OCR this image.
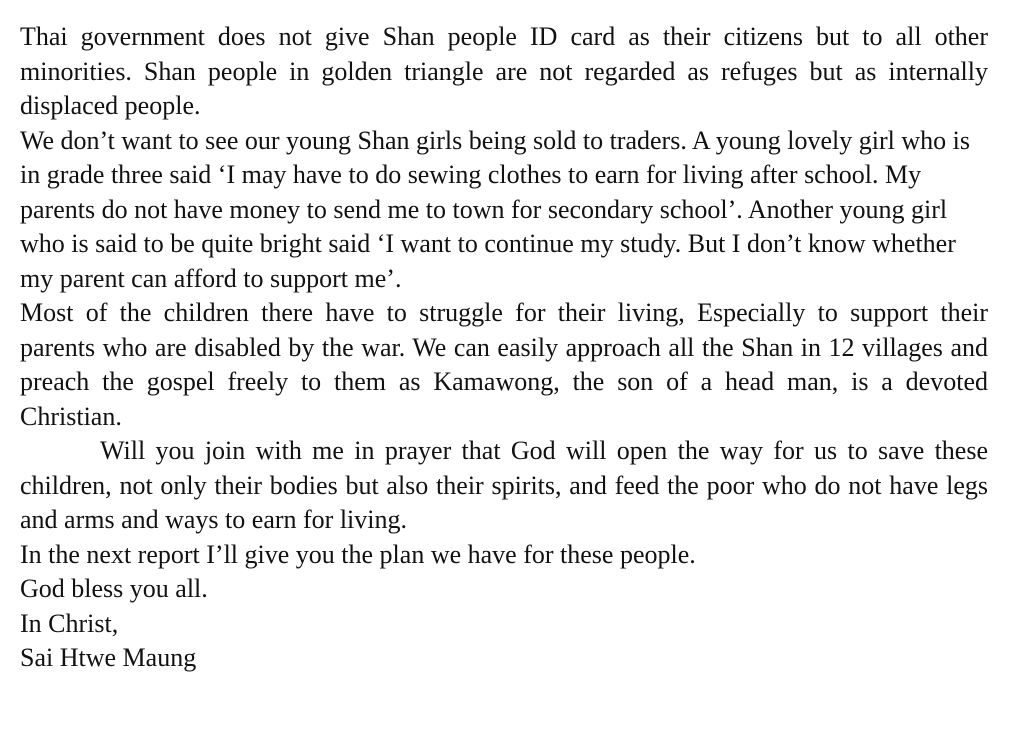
Thai government does not give Shan people ID card as their citizens but to all other minorities. Shan people in golden triangle are not regarded as refuges but as internally displaced people.

We don’t want to see our young Shan girls being sold to traders. A young lovely girl who is in grade three said ‘I may have to do sewing clothes to earn for living after school. My parents do not have money to send me to town for secondary school’. Another young girl who is said to be quite bright said ‘I want to continue my study. But I don’t know whether my parent can afford to support me’.

Most of the children there have to struggle for their living, Especially to support their parents who are disabled by the war. We can easily approach all the Shan in 12 villages and preach the gospel freely to them as Kamawong, the son of a head man, is a devoted Christian.

Will you join with me in prayer that God will open the way for us to save these children, not only their bodies but also their spirits, and feed the poor who do not have legs and arms and ways to earn for living.

In the next report I’ll give you the plan we have for these people.

God bless you all.

In Christ,

Sai Htwe Maung
